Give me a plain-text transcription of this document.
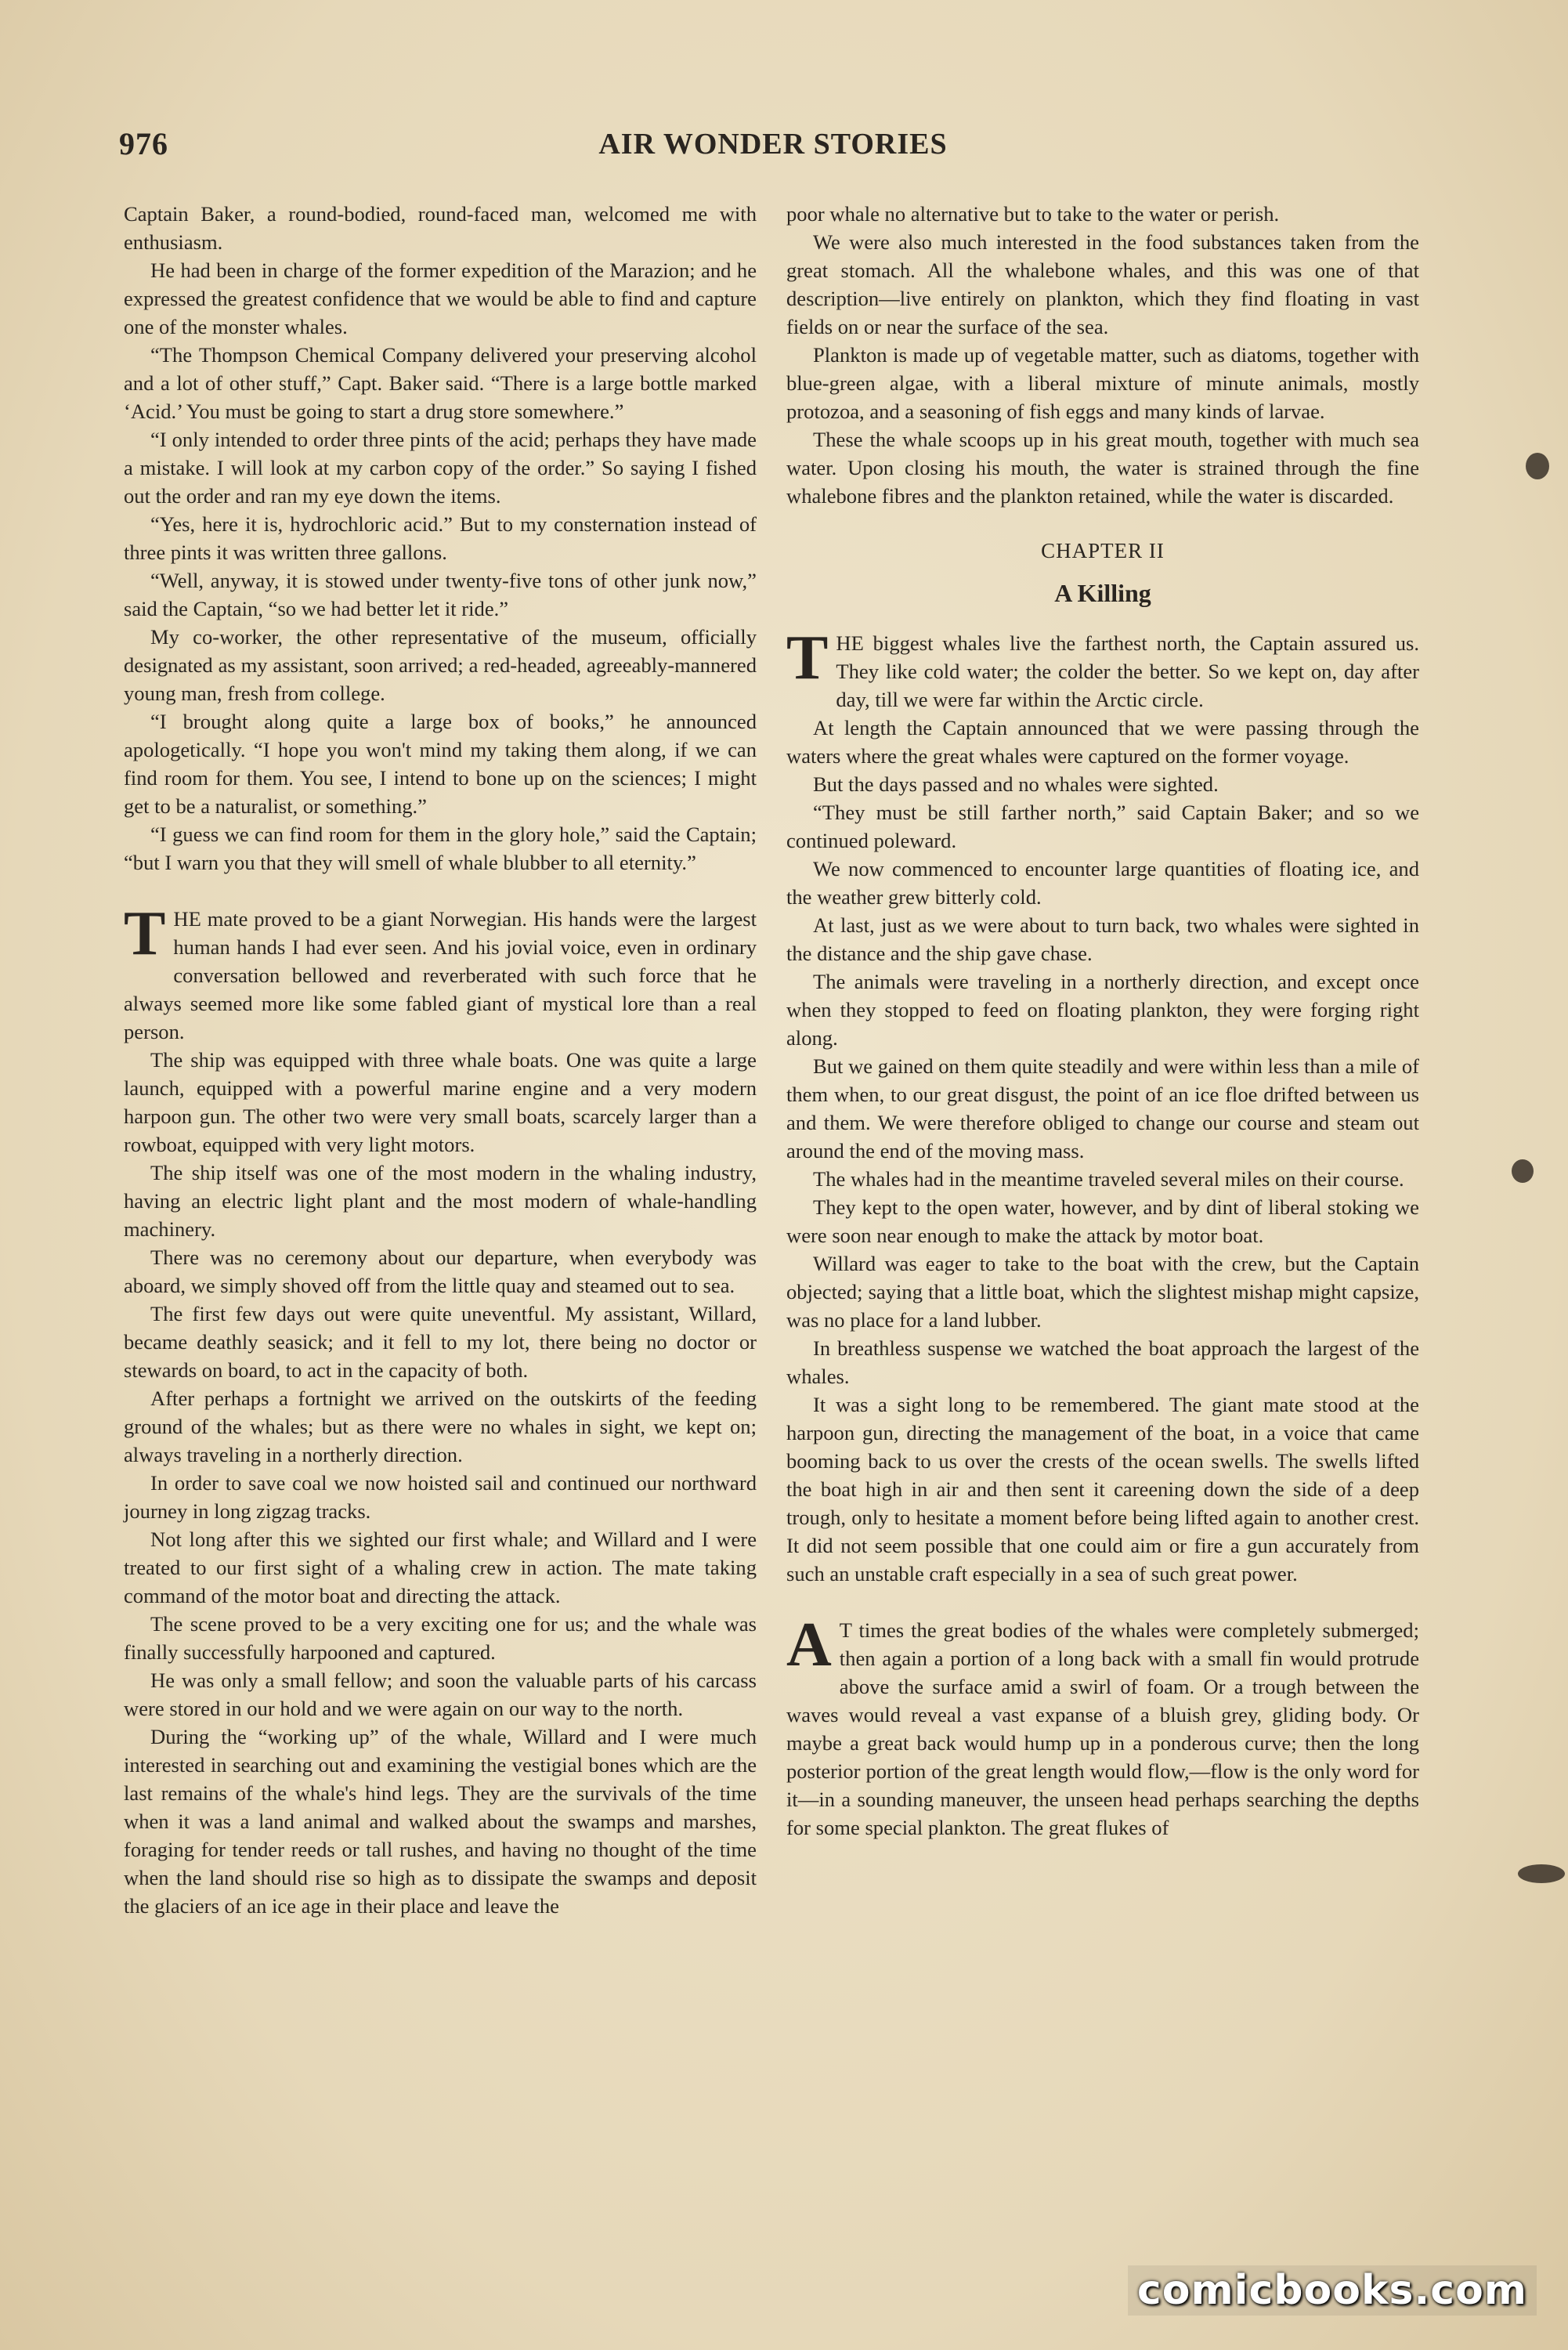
976	AIR WONDER STORIES

Captain Baker, a round-bodied, round-faced man, welcomed me with enthusiasm.

He had been in charge of the former expedition of the Marazion; and he expressed the greatest confidence that we would be able to find and capture one of the monster whales.

“The Thompson Chemical Company delivered your preserving alcohol and a lot of other stuff,” Capt. Baker said. “There is a large bottle marked ‘Acid.’ You must be going to start a drug store somewhere.”

“I only intended to order three pints of the acid; perhaps they have made a mistake. I will look at my carbon copy of the order.” So saying I fished out the order and ran my eye down the items.

“Yes, here it is, hydrochloric acid.” But to my consternation instead of three pints it was written three gallons.

“Well, anyway, it is stowed under twenty-five tons of other junk now,” said the Captain, “so we had better let it ride.”

My co-worker, the other representative of the museum, officially designated as my assistant, soon arrived; a red-headed, agreeably-mannered young man, fresh from college.

“I brought along quite a large box of books,” he announced apologetically. “I hope you won't mind my taking them along, if we can find room for them. You see, I intend to bone up on the sciences; I might get to be a naturalist, or something.”

“I guess we can find room for them in the glory hole,” said the Captain; “but I warn you that they will smell of whale blubber to all eternity.”

THE mate proved to be a giant Norwegian. His hands were the largest human hands I had ever seen. And his jovial voice, even in ordinary conversation bellowed and reverberated with such force that he always seemed more like some fabled giant of mystical lore than a real person.

The ship was equipped with three whale boats. One was quite a large launch, equipped with a powerful marine engine and a very modern harpoon gun. The other two were very small boats, scarcely larger than a rowboat, equipped with very light motors.

The ship itself was one of the most modern in the whaling industry, having an electric light plant and the most modern of whale-handling machinery.

There was no ceremony about our departure, when everybody was aboard, we simply shoved off from the little quay and steamed out to sea.

The first few days out were quite uneventful. My assistant, Willard, became deathly seasick; and it fell to my lot, there being no doctor or stewards on board, to act in the capacity of both.

After perhaps a fortnight we arrived on the outskirts of the feeding ground of the whales; but as there were no whales in sight, we kept on; always traveling in a northerly direction.

In order to save coal we now hoisted sail and continued our northward journey in long zigzag tracks.

Not long after this we sighted our first whale; and Willard and I were treated to our first sight of a whaling crew in action. The mate taking command of the motor boat and directing the attack.

The scene proved to be a very exciting one for us; and the whale was finally successfully harpooned and captured.

He was only a small fellow; and soon the valuable parts of his carcass were stored in our hold and we were again on our way to the north.

During the “working up” of the whale, Willard and I were much interested in searching out and examining the vestigial bones which are the last remains of the whale's hind legs. They are the survivals of the time when it was a land animal and walked about the swamps and marshes, foraging for tender reeds or tall rushes, and having no thought of the time when the land should rise so high as to dissipate the swamps and deposit the glaciers of an ice age in their place and leave the

poor whale no alternative but to take to the water or perish.

We were also much interested in the food substances taken from the great stomach. All the whalebone whales, and this was one of that description—live entirely on plankton, which they find floating in vast fields on or near the surface of the sea.

Plankton is made up of vegetable matter, such as diatoms, together with blue-green algae, with a liberal mixture of minute animals, mostly protozoa, and a seasoning of fish eggs and many kinds of larvae.

These the whale scoops up in his great mouth, together with much sea water. Upon closing his mouth, the water is strained through the fine whalebone fibres and the plankton retained, while the water is discarded.

CHAPTER II
A Killing

THE biggest whales live the farthest north, the Captain assured us. They like cold water; the colder the better. So we kept on, day after day, till we were far within the Arctic circle.

At length the Captain announced that we were passing through the waters where the great whales were captured on the former voyage.

But the days passed and no whales were sighted.

“They must be still farther north,” said Captain Baker; and so we continued poleward.

We now commenced to encounter large quantities of floating ice, and the weather grew bitterly cold.

At last, just as we were about to turn back, two whales were sighted in the distance and the ship gave chase.

The animals were traveling in a northerly direction, and except once when they stopped to feed on floating plankton, they were forging right along.

But we gained on them quite steadily and were within less than a mile of them when, to our great disgust, the point of an ice floe drifted between us and them. We were therefore obliged to change our course and steam out around the end of the moving mass.

The whales had in the meantime traveled several miles on their course.

They kept to the open water, however, and by dint of liberal stoking we were soon near enough to make the attack by motor boat.

Willard was eager to take to the boat with the crew, but the Captain objected; saying that a little boat, which the slightest mishap might capsize, was no place for a land lubber.

In breathless suspense we watched the boat approach the largest of the whales.

It was a sight long to be remembered. The giant mate stood at the harpoon gun, directing the management of the boat, in a voice that came booming back to us over the crests of the ocean swells. The swells lifted the boat high in air and then sent it careening down the side of a deep trough, only to hesitate a moment before being lifted again to another crest. It did not seem possible that one could aim or fire a gun accurately from such an unstable craft especially in a sea of such great power.

A T times the great bodies of the whales were completely submerged; then again a portion of a long back with a small fin would protrude above the surface amid a swirl of foam. Or a trough between the waves would reveal a vast expanse of a bluish grey, gliding body. Or maybe a great back would hump up in a ponderous curve; then the long posterior portion of the great length would flow,—flow is the only word for it—in a sounding maneuver, the unseen head perhaps searching the depths for some special plankton. The great flukes of

comicbooks.com
